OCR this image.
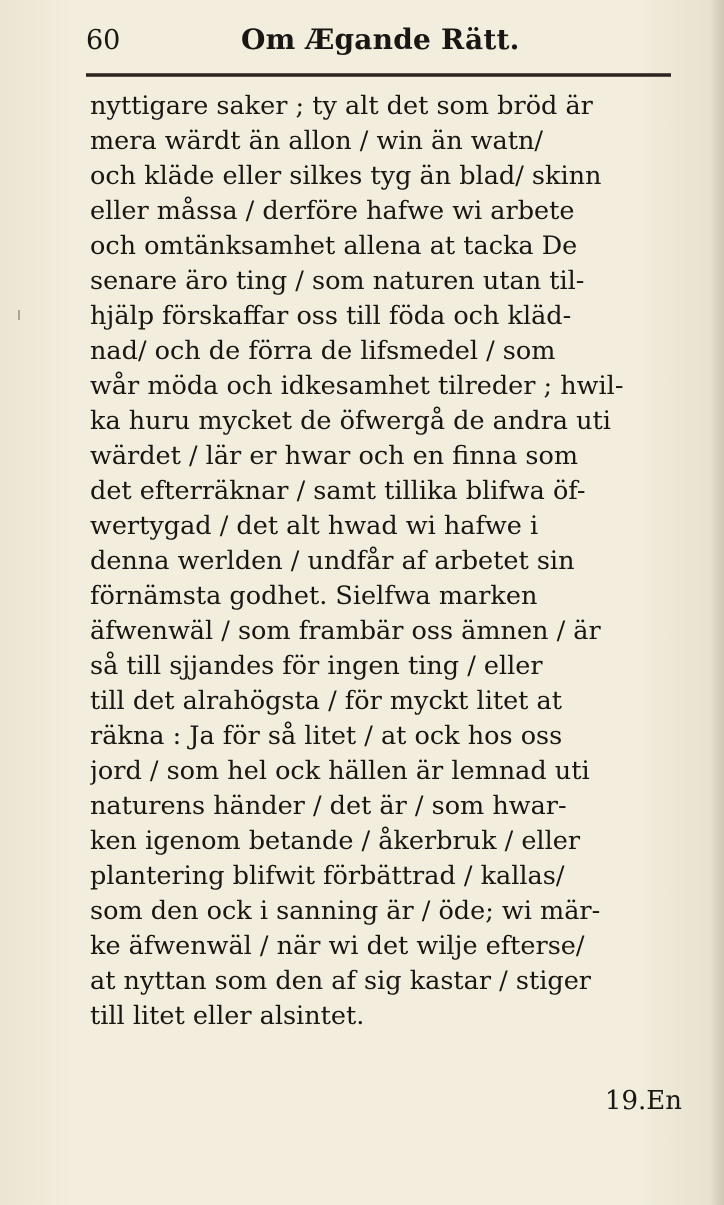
60	Om Ægande Rätt.
nyttigare saker ; ty alt det som bröd är
mera wärdt än allon / win än watn/
och kläde eller silkes tyg än blad/ skinn
eller måssa / derföre hafwe wi arbete
och omtänksamhet allena at tacka De
senare äro ting / som naturen utan til-
hjälp förskaffar oss till föda och kläd-
nad/ och de förra de lifsmedel / som
wår möda och idkesamhet tilreder ; hwil-
ka huru mycket de öfwergå de andra uti
wärdet / lär er hwar och en finna som
det efterräknar / samt tillika blifwa öf-
wertygad / det alt hwad wi hafwe i
denna werlden / undfår af arbetet sin
förnämsta godhet. Sielfwa marken
äfwenwäl / som frambär oss ämnen / är
så till sjjandes för ingen ting / eller
till det alrahögsta / för myckt litet at
räkna : Ja för så litet / at ock hos oss
jord / som hel ock hällen är lemnad uti
naturens händer / det är / som hwar-
ken igenom betande / åkerbruk / eller
plantering blifwit förbättrad / kallas/
som den ock i sanning är / öde; wi mär-
ke äfwenwäl / när wi det wilje efterse/
at nyttan som den af sig kastar / stiger
till litet eller alsintet.
19.En
